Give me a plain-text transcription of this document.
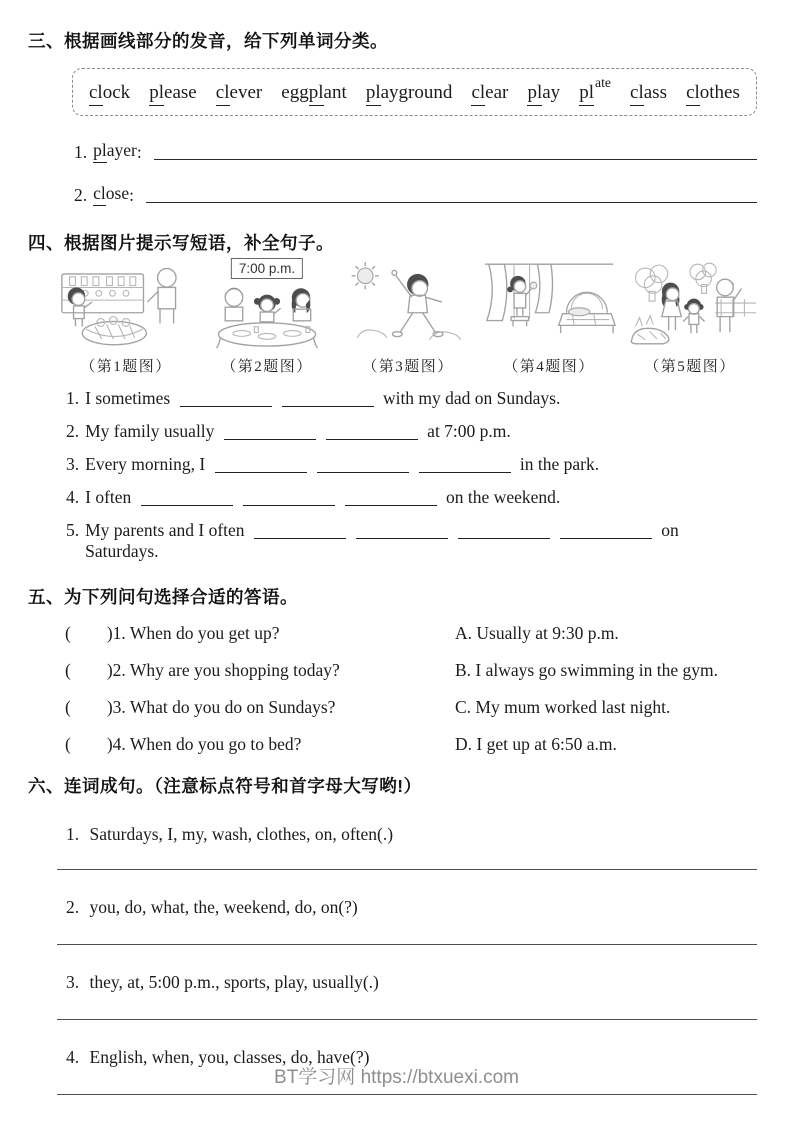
三、根据画线部分的发音，给下列单词分类。
clock please clever eggplant playground clear play $pl^{ate}$ class clothes
1. player :
2. close :
四、根据图片提示写短语，补全句子。
（第1题图）
7:00 p.m.
（第2题图）	（第3题图）	（第4题图）	（第5题图）
1. I sometimes	with my dad on Sundays.
2. My family usually	at 7:00 p.m.
3. Every morning, I	in the park.
4. I often	on the weekend.
5. My parents and I often	on
Saturdays.
五、为下列问句选择合适的答语。
( )1. When do you get up?	A. Usually at 9:30 p.m.
( )2. Why are you shopping today?	B. I always go swimming in the gym.
( )3. What do you do on Sundays?	C. My mum worked last night.
( )4. When do you go to bed?	D. I get up at 6:50 a.m.
六、连词成句。（注意标点符号和首字母大写哟!）
1. Saturdays, I, my, wash, clothes, on, often(.)
2. you, do, what, the, weekend, do, on(?)
3. they, at, 5:00 p.m., sports, play, usually(.)
4. English, when, you, classes, do, have(?)
BT学习网 https://btxuexi.com
